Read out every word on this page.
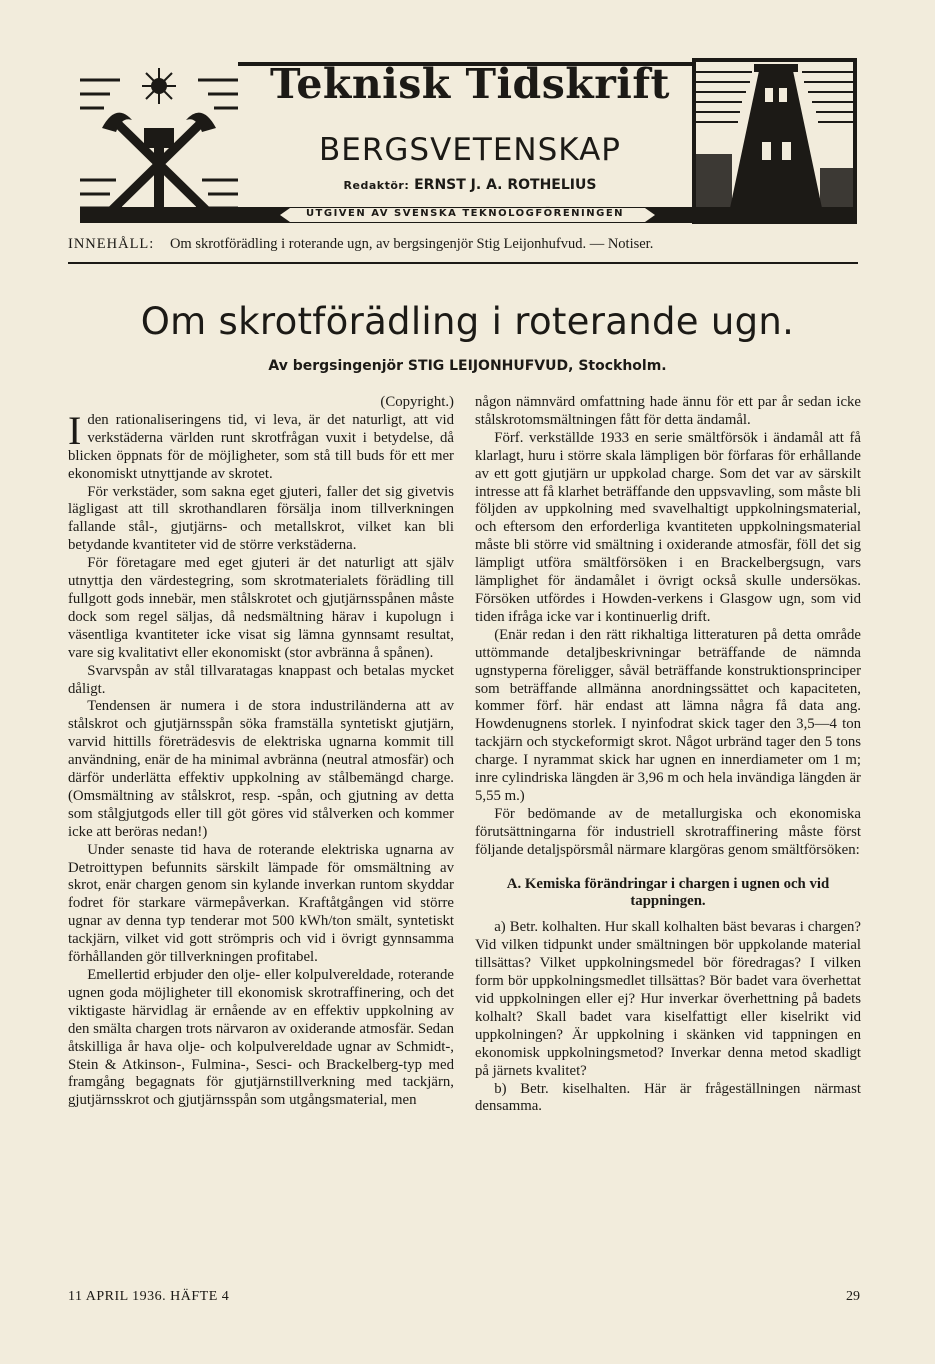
Teknisk Tidskrift
BERGSVETENSKAP
Redaktör: ERNST J. A. ROTHELIUS
UTGIVEN AV SVENSKA TEKNOLOGFÖRENINGEN
INNEHÅLL: Om skrotförädling i roterande ugn, av bergsingenjör Stig Leijonhufvud. — Notiser.
Om skrotförädling i roterande ugn.
Av bergsingenjör STIG LEIJONHUFVUD, Stockholm.

(Copyright.)

Iden rationaliseringens tid, vi leva, är det naturligt, att vid verkstäderna världen runt skrotfrågan vuxit i betydelse, då blicken öppnats för de möjligheter, som stå till buds för ett mer ekonomiskt utnyttjande av skrotet.

För verkstäder, som sakna eget gjuteri, faller det sig givetvis lägligast att till skrothandlaren försälja inom tillverkningen fallande stål-, gjutjärns- och metallskrot, vilket kan bli betydande kvantiteter vid de större verkstäderna.

För företagare med eget gjuteri är det naturligt att själv utnyttja den värdestegring, som skrotmaterialets förädling till fullgott gods innebär, men stålskrotet och gjutjärnsspånen måste dock som regel säljas, då nedsmältning härav i kupolugn i väsentliga kvantiteter icke visat sig lämna gynnsamt resultat, vare sig kvalitativt eller ekonomiskt (stor avbränna å spånen).

Svarvspån av stål tillvaratagas knappast och betalas mycket dåligt.

Tendensen är numera i de stora industriländerna att av stålskrot och gjutjärnsspån söka framställa syntetiskt gjutjärn, varvid hittills företrädesvis de elektriska ugnarna kommit till användning, enär de ha minimal avbränna (neutral atmosfär) och därför underlätta effektiv uppkolning av stålbemängd charge. (Omsmältning av stålskrot, resp. -spån, och gjutning av detta som stålgjutgods eller till göt göres vid stålverken och kommer icke att beröras nedan!)

Under senaste tid hava de roterande elektriska ugnarna av Detroittypen befunnits särskilt lämpade för omsmältning av skrot, enär chargen genom sin kylande inverkan runtom skyddar fodret för starkare värmepåverkan. Kraftåtgången vid större ugnar av denna typ tenderar mot 500 kWh/ton smält, syntetiskt tackjärn, vilket vid gott strömpris och vid i övrigt gynnsamma förhållanden gör tillverkningen profitabel.

Emellertid erbjuder den olje- eller kolpulvereldade, roterande ugnen goda möjligheter till ekonomisk skrotraffinering, och det viktigaste härvidlag är ernående av en effektiv uppkolning av den smälta chargen trots närvaron av oxiderande atmosfär. Sedan åtskilliga år hava olje- och kolpulvereldade ugnar av Schmidt-, Stein & Atkinson-, Fulmina-, Sesci- och Brackelberg-typ med framgång begagnats för gjutjärnstillverkning med tackjärn, gjutjärnsskrot och gjutjärnsspån som utgångsmaterial, men

någon nämnvärd omfattning hade ännu för ett par år sedan icke stålskrotomsmältningen fått för detta ändamål.

Förf. verkställde 1933 en serie smältförsök i ändamål att få klarlagt, huru i större skala lämpligen bör förfaras för erhållande av ett gott gjutjärn ur uppkolad charge. Som det var av särskilt intresse att få klarhet beträffande den uppsvavling, som måste bli följden av uppkolning med svavelhaltigt uppkolningsmaterial, och eftersom den erforderliga kvantiteten uppkolningsmaterial måste bli större vid smältning i oxiderande atmosfär, föll det sig lämpligt utföra smältförsöken i en Brackelbergsugn, vars lämplighet för ändamålet i övrigt också skulle undersökas. Försöken utfördes i Howden-verkens i Glasgow ugn, som vid tiden ifråga icke var i kontinuerlig drift.

(Enär redan i den rätt rikhaltiga litteraturen på detta område uttömmande detaljbeskrivningar beträffande de nämnda ugnstyperna föreligger, såväl beträffande konstruktionsprinciper som beträffande allmänna anordningssättet och kapaciteten, kommer förf. här endast att lämna några få data ang. Howdenugnens storlek. I nyinfodrat skick tager den 3,5—4 ton tackjärn och styckeformigt skrot. Något urbränd tager den 5 tons charge. I nyrammat skick har ugnen en innerdiameter om 1 m; inre cylindriska längden är 3,96 m och hela invändiga längden är 5,55 m.)

För bedömande av de metallurgiska och ekonomiska förutsättningarna för industriell skrotraffinering måste först följande detaljspörsmål närmare klargöras genom smältförsöken:

A. Kemiska förändringar i chargen i ugnen och vid tappningen.

a) Betr. kolhalten. Hur skall kolhalten bäst bevaras i chargen? Vid vilken tidpunkt under smältningen bör uppkolande material tillsättas? Vilket uppkolningsmedel bör föredragas? I vilken form bör uppkolningsmedlet tillsättas? Bör badet vara överhettat vid uppkolningen eller ej? Hur inverkar överhettning på badets kolhalt? Skall badet vara kiselfattigt eller kiselrikt vid uppkolningen? Är uppkolning i skänken vid tappningen en ekonomisk uppkolningsmetod? Inverkar denna metod skadligt på järnets kvalitet?

b) Betr. kiselhalten. Här är frågeställningen närmast densamma.

11 APRIL 1936. HÄFTE 4	29
